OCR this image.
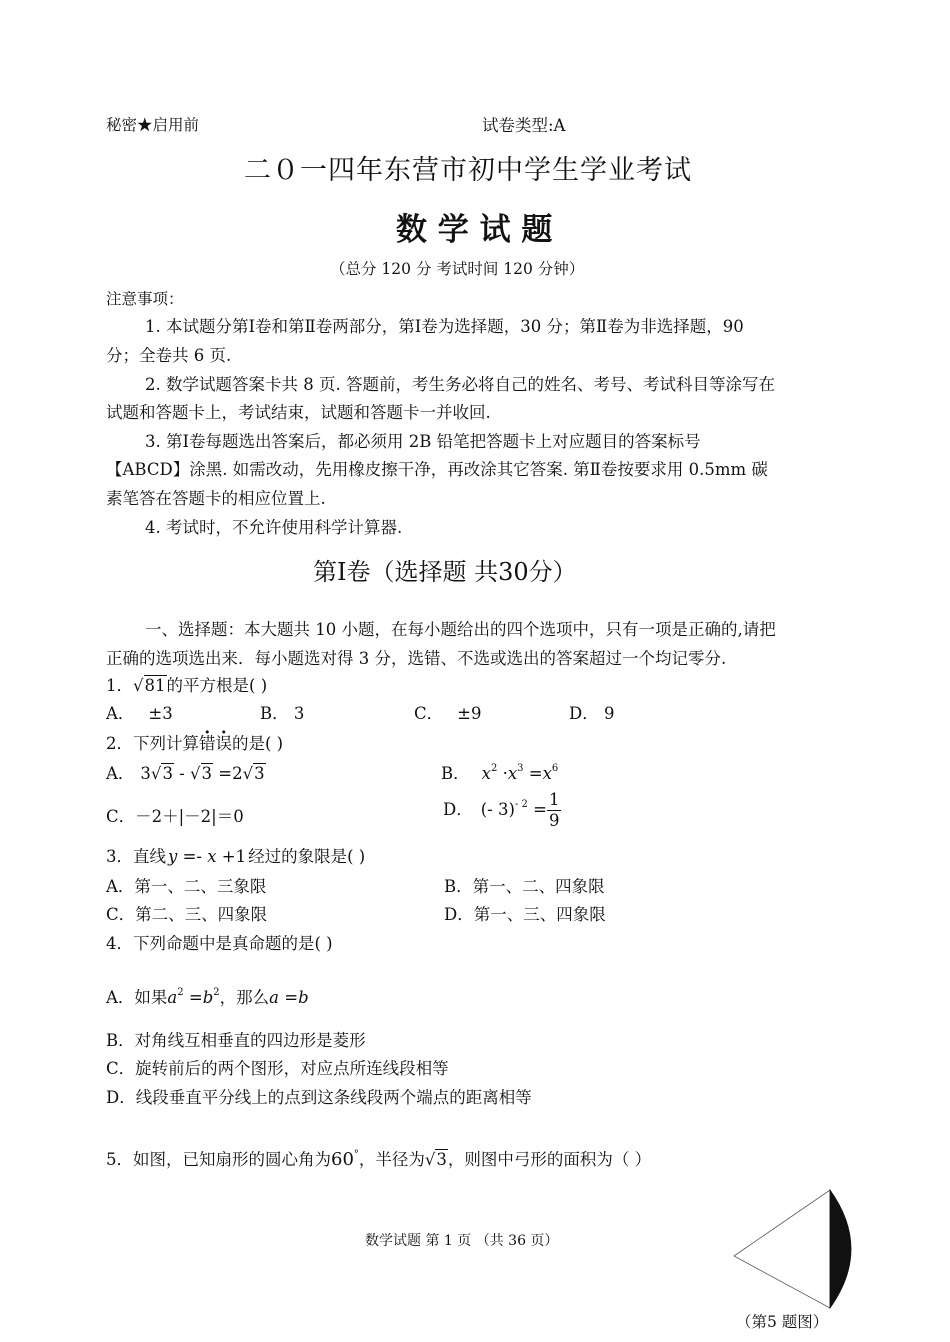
秘密★启用前	试卷类型:A
二０一四年东营市初中学生学业考试
数 学 试 题
（总分 120 分 考试时间 120 分钟）
注意事项：
1. 本试题分第Ⅰ卷和第Ⅱ卷两部分，第Ⅰ卷为选择题，30 分；第Ⅱ卷为非选择题，90
分；全卷共 6 页.
2. 数学试题答案卡共 8 页. 答题前，考生务必将自己的姓名、考号、考试科目等涂写在
试题和答题卡上，考试结束，试题和答题卡一并收回.
3. 第Ⅰ卷每题选出答案后，都必须用 2B 铅笔把答题卡上对应题目的答案标号
【ABCD】涂黑. 如需改动，先用橡皮擦干净，再改涂其它答案. 第Ⅱ卷按要求用 0.5mm 碳
素笔答在答题卡的相应位置上.
4. 考试时，不允许使用科学计算器.
第Ⅰ卷（选择题 共30分）
一、选择题：本大题共 10 小题，在每小题给出的四个选项中，只有一项是正确的,请把
正确的选项选出来．每小题选对得 3 分，选错、不选或选出的答案超过一个均记零分.
1．√81的平方根是( )
A． ±3	B． 3	C． ±9	D． 9
2．下列计算错误的是( )
A． 3√3 - √3 =2√3	B． $x^2 \cdot x^3 =x^6$
C．－2＋|－2|＝0	D． (- $3)^{- 2} = \frac{1}{9}$
3．直线 y =- x +1 经过的象限是( )
A．第一、二、三象限	B．第一、二、四象限
C．第二、三、四象限	D．第一、三、四象限
4．下列命题中是真命题的是( )
A．如果$a^2 =b^2$，那么a =b
B．对角线互相垂直的四边形是菱形
C．旋转前后的两个图形，对应点所连线段相等
D．线段垂直平分线上的点到这条线段两个端点的距离相等
5．如图，已知扇形的圆心角为60°，半径为√3，则图中弓形的面积为（ ）
（第5 题图）
数学试题 第 1 页 （共 36 页）
